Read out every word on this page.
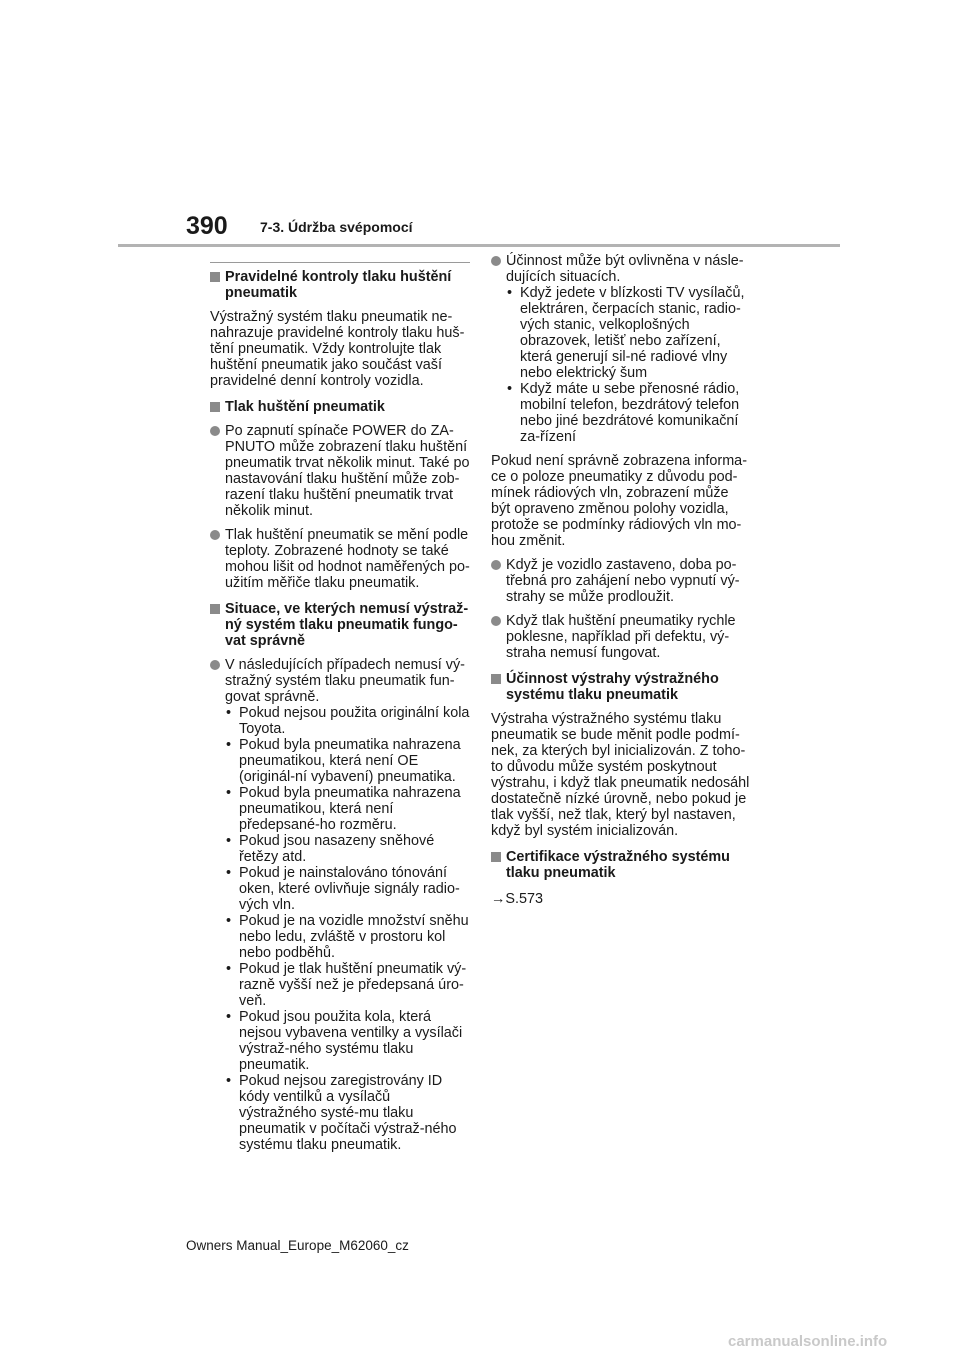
390 7-3. Údržba svépomocí
Pravidelné kontroly tlaku huštění pneumatik
Výstražný systém tlaku pneumatik ne-nahrazuje pravidelné kontroly tlaku huš-tění pneumatik. Vždy kontrolujte tlak huštění pneumatik jako součást vaší pravidelné denní kontroly vozidla.
Tlak huštění pneumatik
Po zapnutí spínače POWER do ZA-PNUTO může zobrazení tlaku huštění pneumatik trvat několik minut. Také po nastavování tlaku huštění může zob-razení tlaku huštění pneumatik trvat několik minut.
Tlak huštění pneumatik se mění podle teploty. Zobrazené hodnoty se také mohou lišit od hodnot naměřených po-užitím měřiče tlaku pneumatik.
Situace, ve kterých nemusí výstraž-ný systém tlaku pneumatik fungo-vat správně
V následujících případech nemusí vý-stražný systém tlaku pneumatik fun-govat správně.
• Pokud nejsou použita originální kola Toyota.
• Pokud byla pneumatika nahrazena pneumatikou, která není OE (originál-ní vybavení) pneumatika.
• Pokud byla pneumatika nahrazena pneumatikou, která není předepsané-ho rozměru.
• Pokud jsou nasazeny sněhové řetězy atd.
• Pokud je nainstalováno tónování oken, které ovlivňuje signály radio-vých vln.
• Pokud je na vozidle množství sněhu nebo ledu, zvláště v prostoru kol nebo podběhů.
• Pokud je tlak huštění pneumatik vý-razně vyšší než je předepsaná úro-veň.
• Pokud jsou použita kola, která nejsou vybavena ventilky a vysílači výstraž-ného systému tlaku pneumatik.
• Pokud nejsou zaregistrovány ID kódy ventilků a vysílačů výstražného systé-mu tlaku pneumatik v počítači výstraž-ného systému tlaku pneumatik.
Účinnost může být ovlivněna v násle-dujících situacích.
• Když jedete v blízkosti TV vysílačů, elektráren, čerpacích stanic, radio-vých stanic, velkoplošných obrazovek, letišť nebo zařízení, která generují sil-né radiové vlny nebo elektrický šum
• Když máte u sebe přenosné rádio, mobilní telefon, bezdrátový telefon nebo jiné bezdrátové komunikační za-řízení
Pokud není správně zobrazena informa-ce o poloze pneumatiky z důvodu pod-mínek rádiových vln, zobrazení může být opraveno změnou polohy vozidla, protože se podmínky rádiových vln mo-hou změnit.
Když je vozidlo zastaveno, doba po-třebná pro zahájení nebo vypnutí vý-strahy se může prodloužit.
Když tlak huštění pneumatiky rychle poklesne, například při defektu, vý-straha nemusí fungovat.
Účinnost výstrahy výstražného systému tlaku pneumatik
Výstraha výstražného systému tlaku pneumatik se bude měnit podle podmí-nek, za kterých byl inicializován. Z toho-to důvodu může systém poskytnout výstrahu, i když tlak pneumatik nedosáhl dostatečně nízké úrovně, nebo pokud je tlak vyšší, než tlak, který byl nastaven, když byl systém inicializován.
Certifikace výstražného systému tlaku pneumatik
→S.573
Owners Manual_Europe_M62060_cz
carmanualsonline.info
